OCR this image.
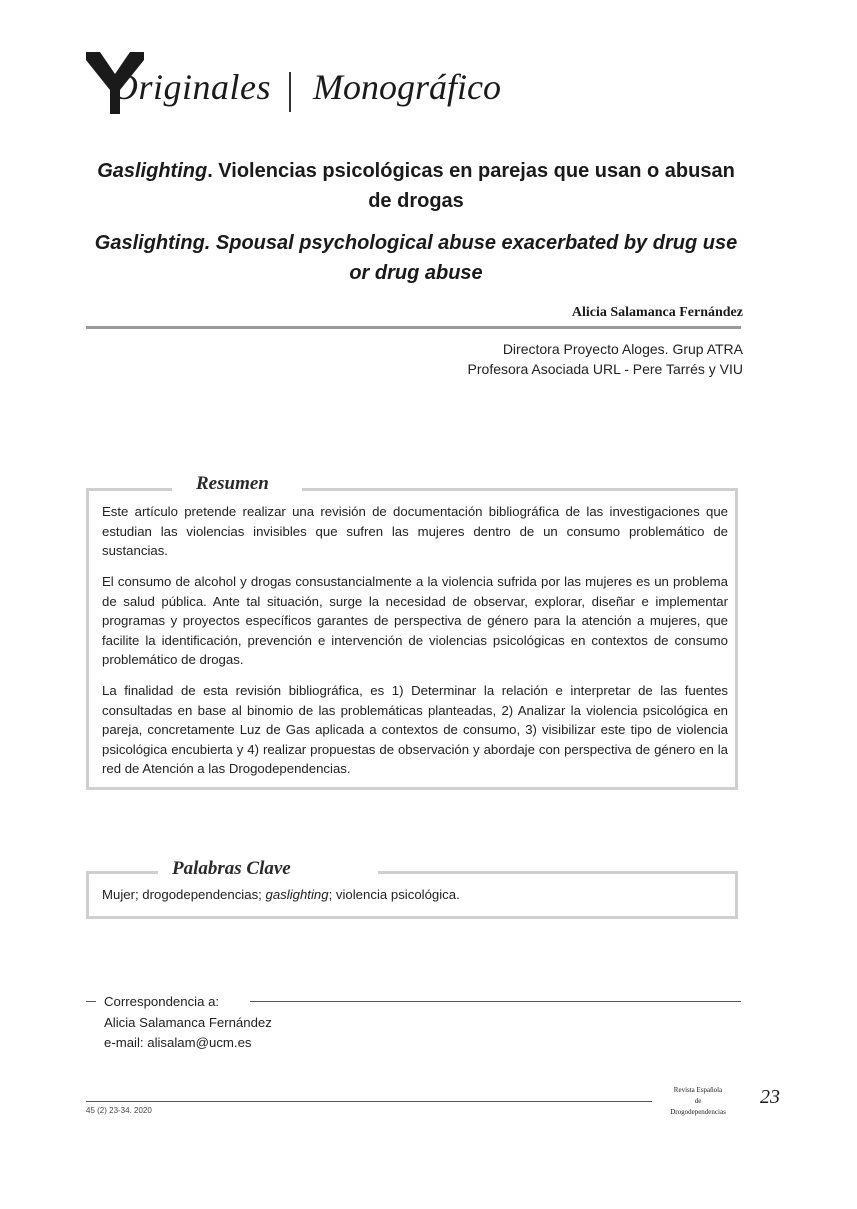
Originales Monográfico
Gaslighting. Violencias psicológicas en parejas que usan o abusan de drogas
Gaslighting. Spousal psychological abuse exacerbated by drug use or drug abuse
Alicia Salamanca Fernández
Directora Proyecto Aloges. Grup ATRA
Profesora Asociada URL - Pere Tarrés y VIU
Resumen
Este artículo pretende realizar una revisión de documentación bibliográfica de las investigaciones que estudian las violencias invisibles que sufren las mujeres dentro de un consumo problemático de sustancias.
El consumo de alcohol y drogas consustancialmente a la violencia sufrida por las mujeres es un problema de salud pública. Ante tal situación, surge la necesidad de observar, explorar, diseñar e implementar programas y proyectos específicos garantes de perspectiva de género para la atención a mujeres, que facilite la identificación, prevención e intervención de violencias psicológicas en contextos de consumo problemático de drogas.
La finalidad de esta revisión bibliográfica, es 1) Determinar la relación e interpretar de las fuentes consultadas en base al binomio de las problemáticas planteadas, 2) Analizar la violencia psicológica en pareja, concretamente Luz de Gas aplicada a contextos de consumo, 3) visibilizar este tipo de violencia psicológica encubierta y 4) realizar propuestas de observación y abordaje con perspectiva de género en la red de Atención a las Drogodependencias.
Palabras Clave
Mujer; drogodependencias; gaslighting; violencia psicológica.
Correspondencia a:
Alicia Salamanca Fernández
e-mail: alisalam@ucm.es
45 (2) 23-34. 2020
Revista Española
de
Drogodependencias
23
